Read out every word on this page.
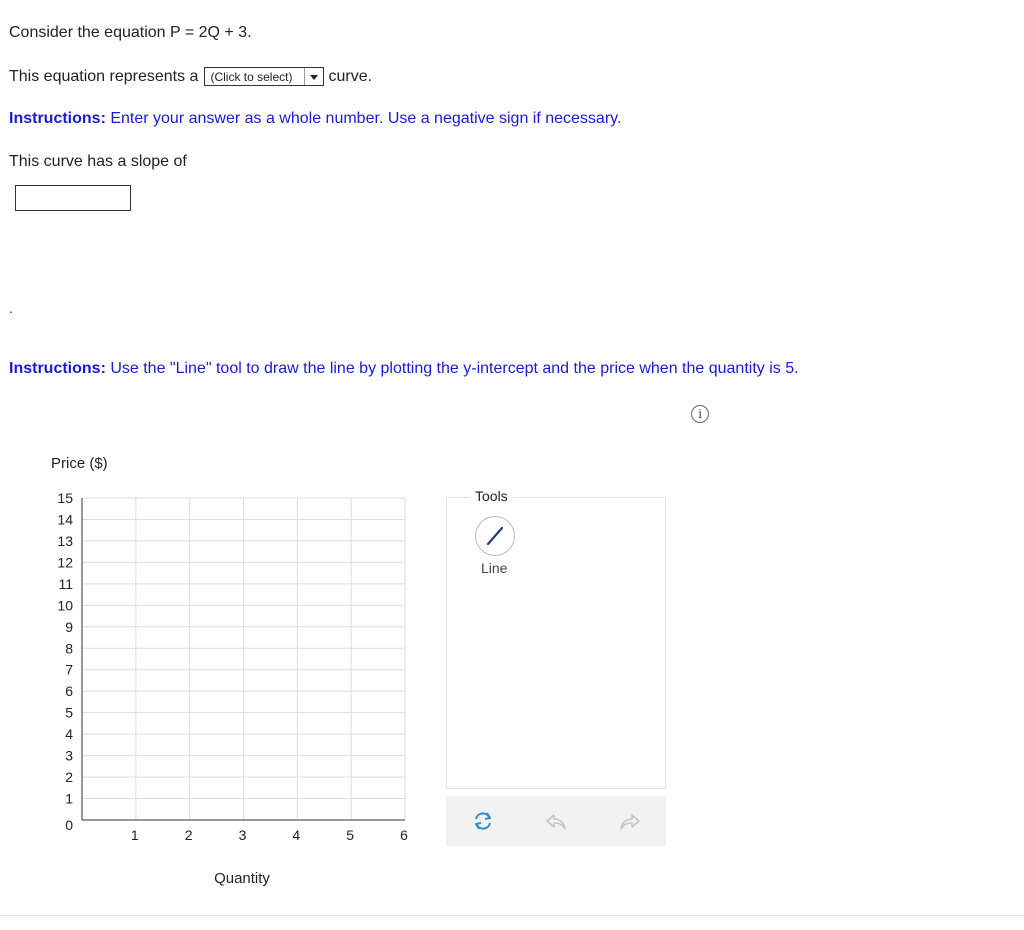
Consider the equation P = 2Q + 3.
This equation represents a (Click to select) curve.
Instructions: Enter your answer as a whole number. Use a negative sign if necessary.
This curve has a slope of
.
Instructions: Use the "Line" tool to draw the line by plotting the y-intercept and the price when the quantity is 5.
i
Price ($)
1	2	3	4	5	6
1
2
3
4
5
6
7
8
9
10
11
12
13
14
15
0
Quantity
Tools
Line
